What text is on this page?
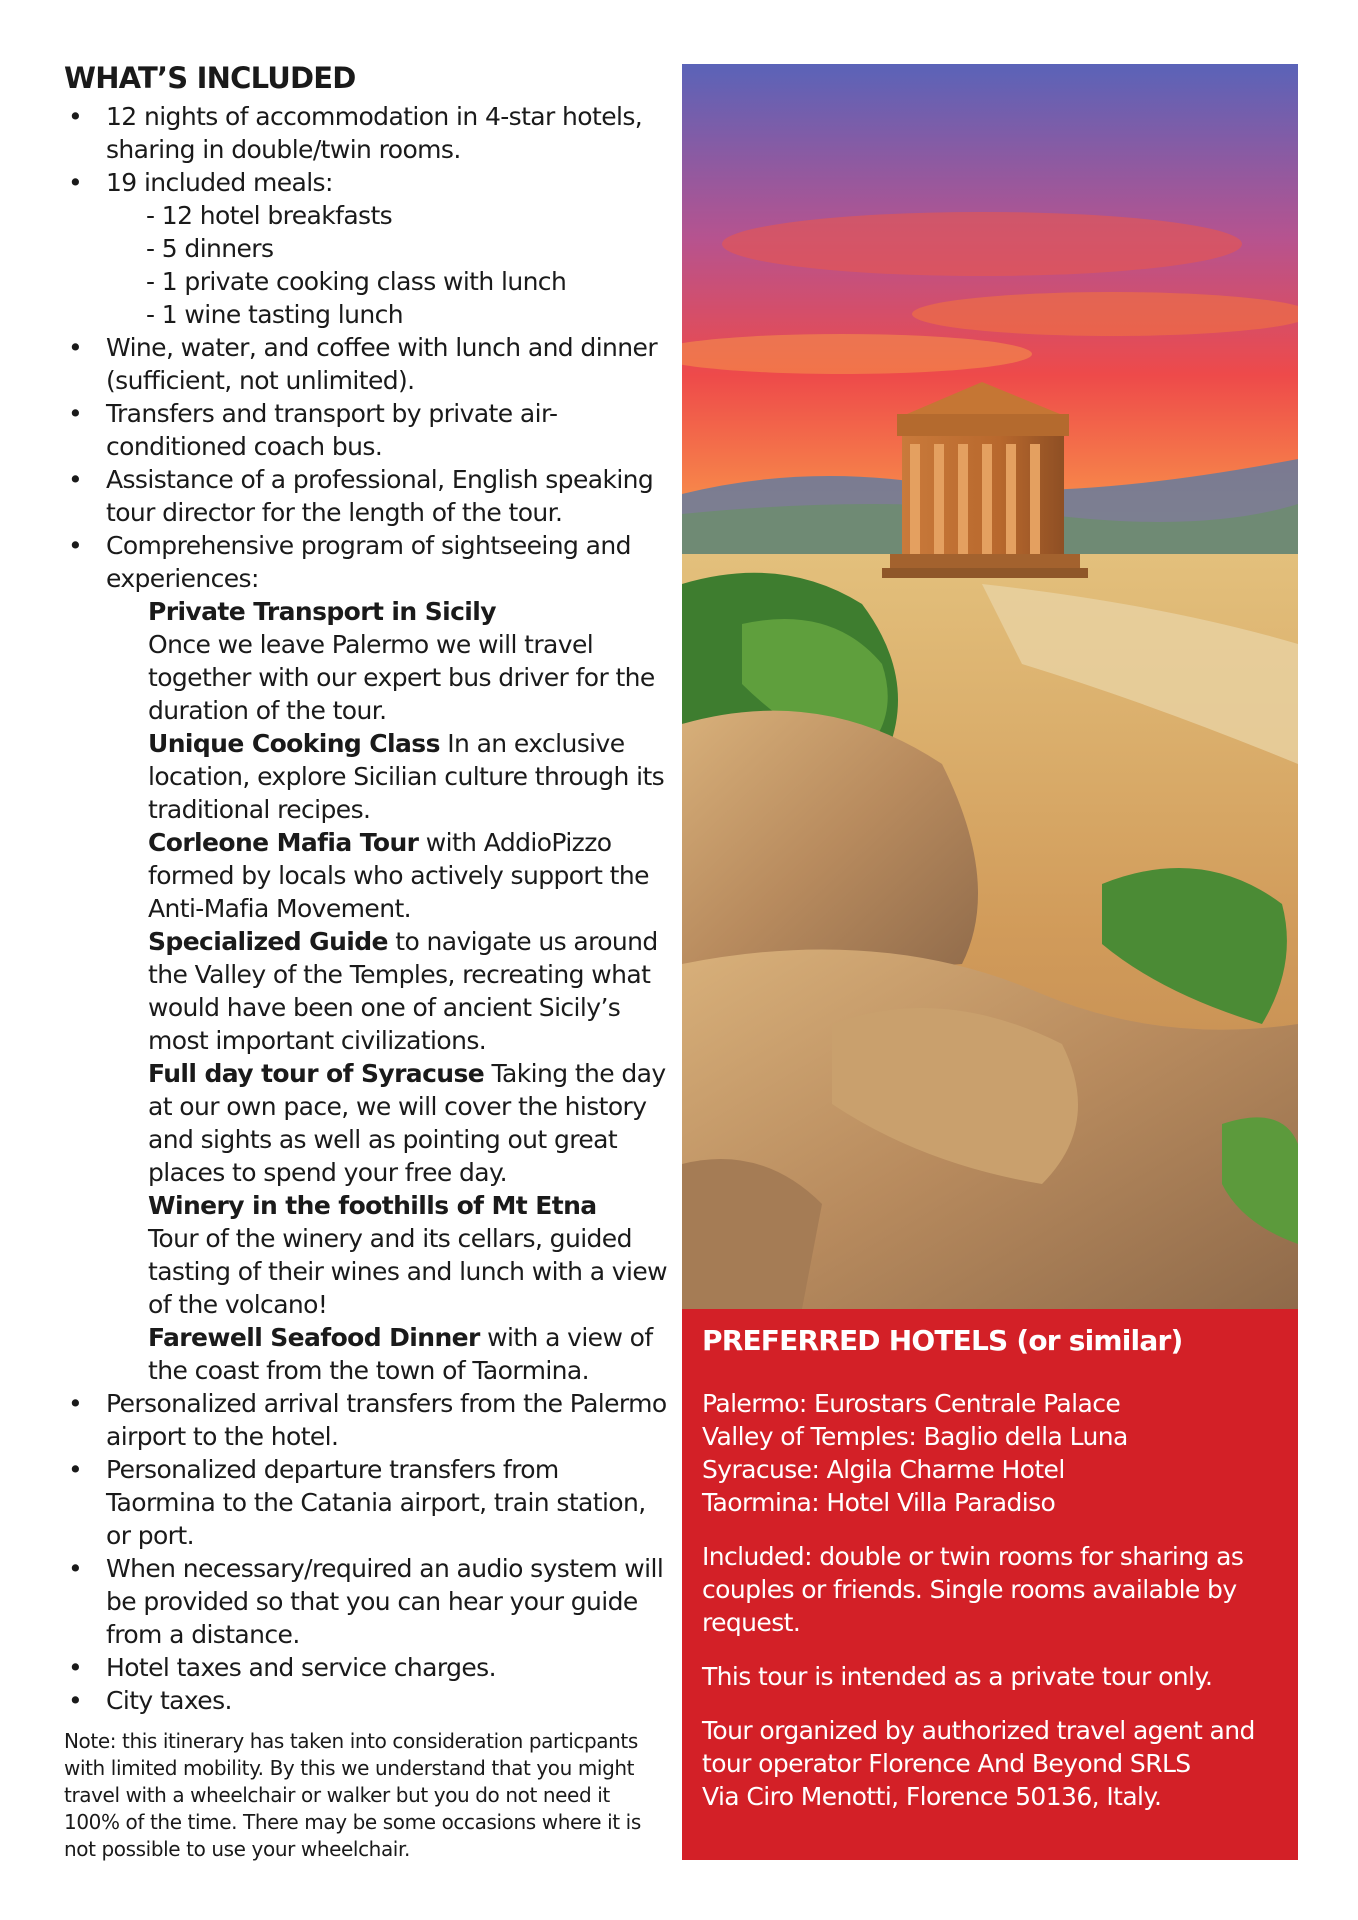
WHAT’S INCLUDED
• 12 nights of accommodation in 4-star hotels, sharing in double/twin rooms.
• 19 included meals:
- 12 hotel breakfasts
- 5 dinners
- 1 private cooking class with lunch
- 1 wine tasting lunch
• Wine, water, and coffee with lunch and dinner (sufficient, not unlimited).
• Transfers and transport by private air-conditioned coach bus.
• Assistance of a professional, English speaking tour director for the length of the tour.
• Comprehensive program of sightseeing and experiences:
Private Transport in Sicily
Once we leave Palermo we will travel together with our expert bus driver for the duration of the tour.
Unique Cooking Class In an exclusive location, explore Sicilian culture through its traditional recipes.
Corleone Mafia Tour with AddioPizzo formed by locals who actively support the Anti-Mafia Movement.
Specialized Guide to navigate us around the Valley of the Temples, recreating what would have been one of ancient Sicily’s most important civilizations.
Full day tour of Syracuse Taking the day at our own pace, we will cover the history and sights as well as pointing out great places to spend your free day.
Winery in the foothills of Mt Etna
Tour of the winery and its cellars, guided tasting of their wines and lunch with a view of the volcano!
Farewell Seafood Dinner with a view of the coast from the town of Taormina.
• Personalized arrival transfers from the Palermo airport to the hotel.
• Personalized departure transfers from Taormina to the Catania airport, train station, or port.
• When necessary/required an audio system will be provided so that you can hear your guide from a distance.
• Hotel taxes and service charges.
• City taxes.
Note: this itinerary has taken into consideration particpants with limited mobility. By this we understand that you might travel with a wheelchair or walker but you do not need it 100% of the time. There may be some occasions where it is not possible to use your wheelchair.
PREFERRED HOTELS (or similar)
Palermo: Eurostars Centrale Palace
Valley of Temples: Baglio della Luna
Syracuse: Algila Charme Hotel
Taormina: Hotel Villa Paradiso
Included: double or twin rooms for sharing as couples or friends. Single rooms available by request.
This tour is intended as a private tour only.
Tour organized by authorized travel agent and
tour operator Florence And Beyond SRLS
Via Ciro Menotti, Florence 50136, Italy.
